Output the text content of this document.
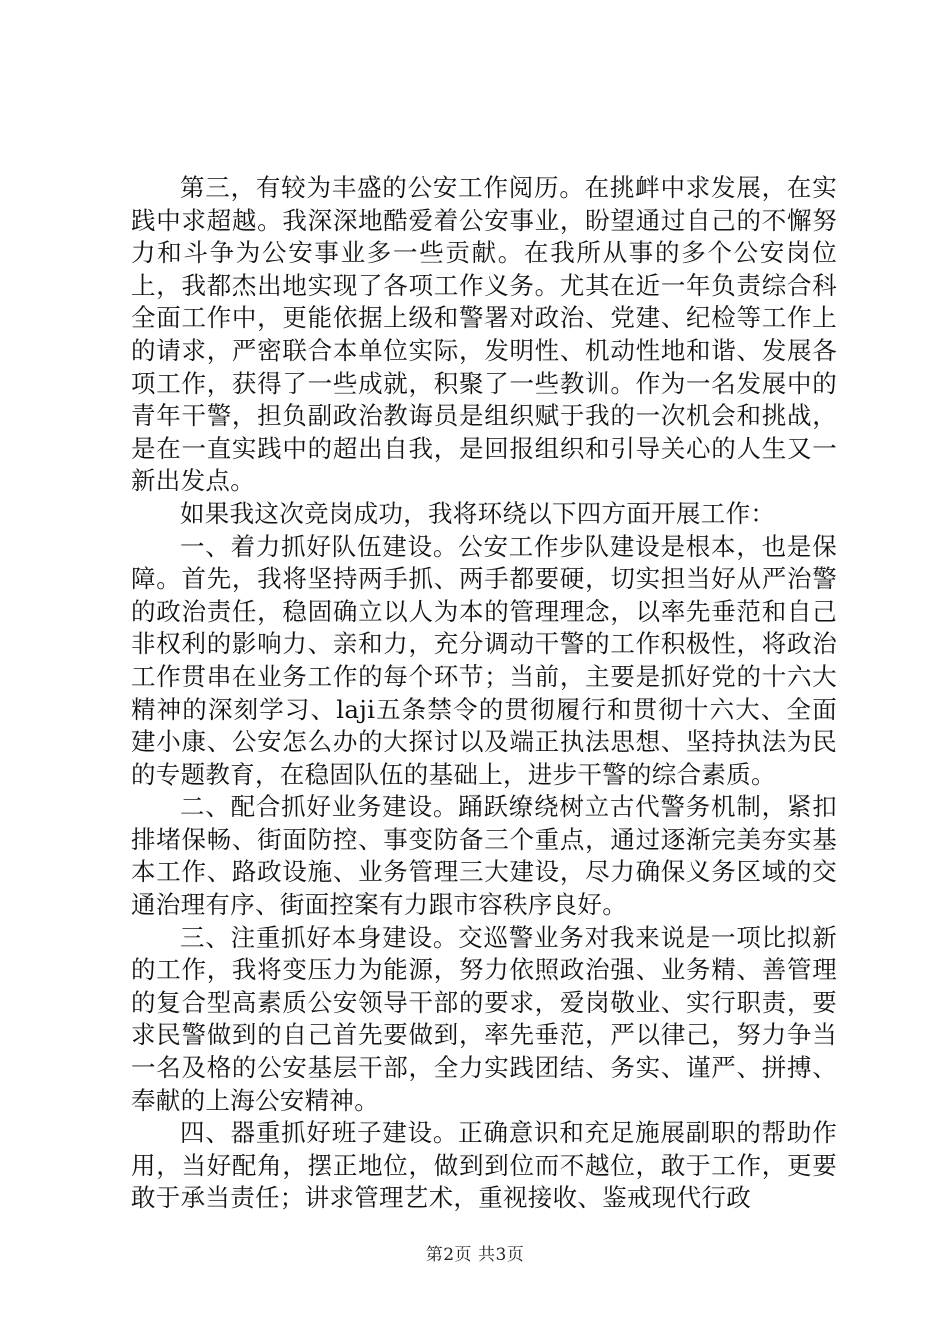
第三，有较为丰盛的公安工作阅历。在挑衅中求发展，在实践中求超越。我深深地酷爱着公安事业，盼望通过自己的不懈努力和斗争为公安事业多一些贡献。在我所从事的多个公安岗位上，我都杰出地实现了各项工作义务。尤其在近一年负责综合科全面工作中，更能依据上级和警署对政治、党建、纪检等工作上的请求，严密联合本单位实际，发明性、机动性地和谐、发展各项工作，获得了一些成就，积聚了一些教训。作为一名发展中的青年干警，担负副政治教诲员是组织赋于我的一次机会和挑战，是在一直实践中的超出自我，是回报组织和引导关心的人生又一新出发点。

如果我这次竞岗成功，我将环绕以下四方面开展工作：

一、着力抓好队伍建设。公安工作步队建设是根本，也是保障。首先，我将坚持两手抓、两手都要硬，切实担当好从严治警的政治责任，稳固确立以人为本的管理理念，以率先垂范和自己非权利的影响力、亲和力，充分调动干警的工作积极性，将政治工作贯串在业务工作的每个环节；当前，主要是抓好党的十六大精神的深刻学习、laji五条禁令的贯彻履行和贯彻十六大、全面建小康、公安怎么办的大探讨以及端正执法思想、坚持执法为民的专题教育，在稳固队伍的基础上，进步干警的综合素质。

二、配合抓好业务建设。踊跃缭绕树立古代警务机制，紧扣排堵保畅、街面防控、事变防备三个重点，通过逐渐完美夯实基本工作、路政设施、业务管理三大建设，尽力确保义务区域的交通治理有序、街面控案有力跟市容秩序良好。

三、注重抓好本身建设。交巡警业务对我来说是一项比拟新的工作，我将变压力为能源，努力依照政治强、业务精、善管理的复合型高素质公安领导干部的要求，爱岗敬业、实行职责，要求民警做到的自己首先要做到，率先垂范，严以律己，努力争当一名及格的公安基层干部，全力实践团结、务实、谨严、拼搏、奉献的上海公安精神。

四、器重抓好班子建设。正确意识和充足施展副职的帮助作用，当好配角，摆正地位，做到到位而不越位，敢于工作，更要敢于承当责任；讲求管理艺术，重视接收、鉴戒现代行政

第2页 共3页
